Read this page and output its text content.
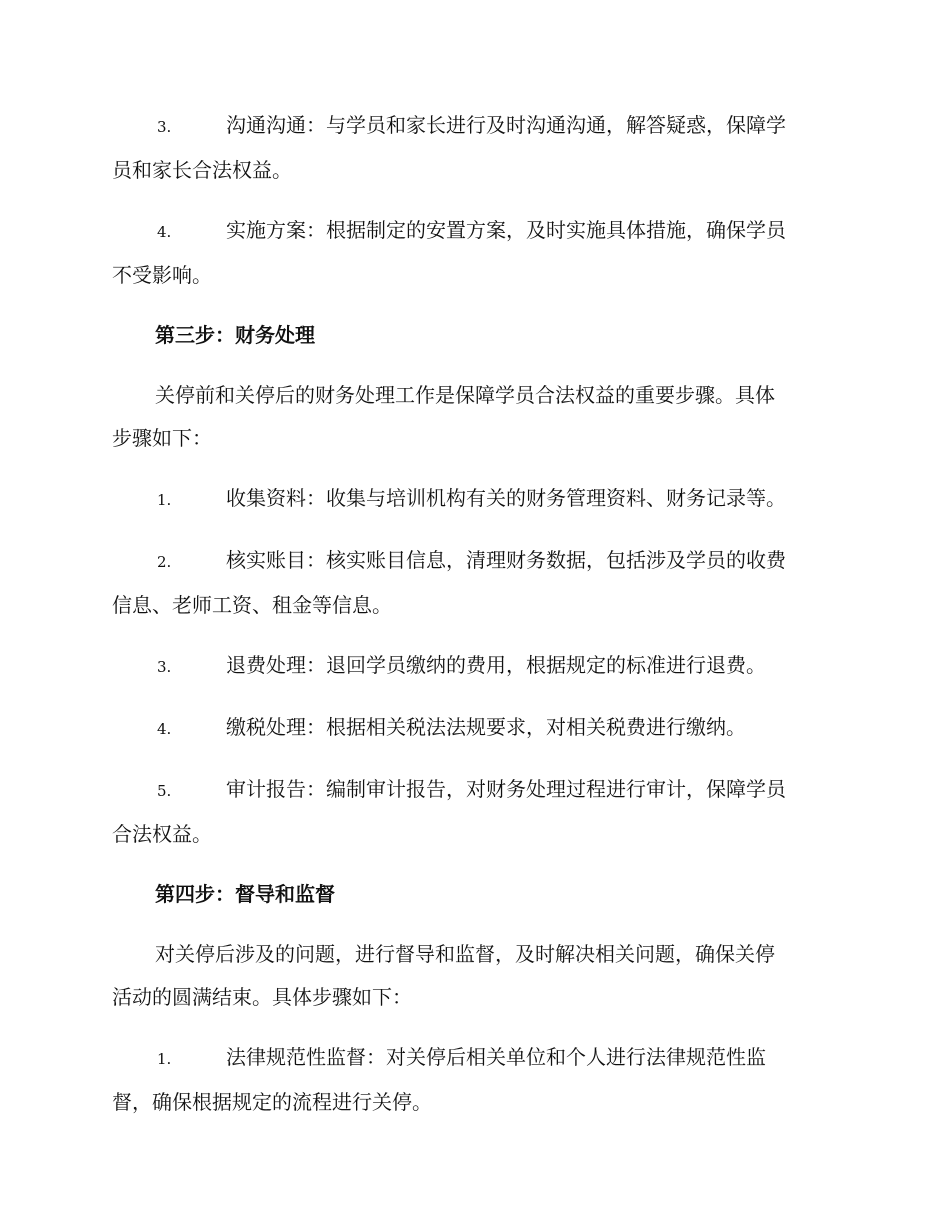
3.	沟通沟通：与学员和家长进行及时沟通沟通，解答疑惑，保障学

员和家长合法权益。

4.	实施方案：根据制定的安置方案，及时实施具体措施，确保学员

不受影响。

第三步：财务处理

关停前和关停后的财务处理工作是保障学员合法权益的重要步骤。具体

步骤如下：

1.	收集资料：收集与培训机构有关的财务管理资料、财务记录等。

2.	核实账目：核实账目信息，清理财务数据，包括涉及学员的收费

信息、老师工资、租金等信息。

3.	退费处理：退回学员缴纳的费用，根据规定的标准进行退费。

4.	缴税处理：根据相关税法法规要求，对相关税费进行缴纳。

5.	审计报告：编制审计报告，对财务处理过程进行审计，保障学员

合法权益。

第四步：督导和监督

对关停后涉及的问题，进行督导和监督，及时解决相关问题，确保关停

活动的圆满结束。具体步骤如下：

1.	法律规范性监督：对关停后相关单位和个人进行法律规范性监

督，确保根据规定的流程进行关停。
